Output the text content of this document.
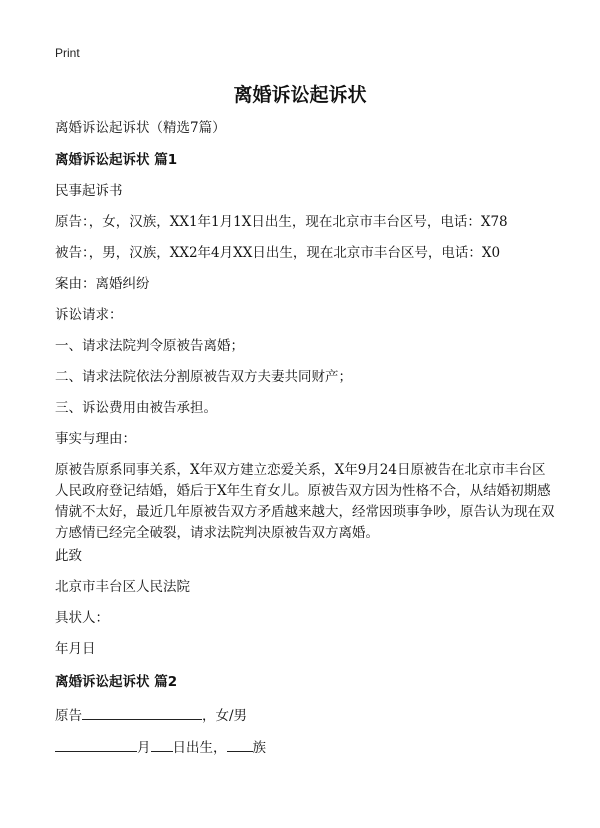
Print
离婚诉讼起诉状
离婚诉讼起诉状（精选7篇）
离婚诉讼起诉状 篇1
民事起诉书
原告：，女，汉族，XX1年1月1X日出生，现在北京市丰台区号，电话：X78
被告：，男，汉族，XX2年4月XX日出生，现在北京市丰台区号，电话：X0
案由：离婚纠纷
诉讼请求：
一、请求法院判令原被告离婚；
二、请求法院依法分割原被告双方夫妻共同财产；
三、诉讼费用由被告承担。
事实与理由：
原被告原系同事关系，X年双方建立恋爱关系，X年9月24日原被告在北京市丰台区人民政府登记结婚，婚后于X年生育女儿。原被告双方因为性格不合，从结婚初期感情就不太好，最近几年原被告双方矛盾越来越大，经常因琐事争吵，原告认为现在双方感情已经完全破裂，请求法院判决原被告双方离婚。
此致
北京市丰台区人民法院
具状人：
年月日
离婚诉讼起诉状 篇2
原告	，女/男
月 日出生， 族
